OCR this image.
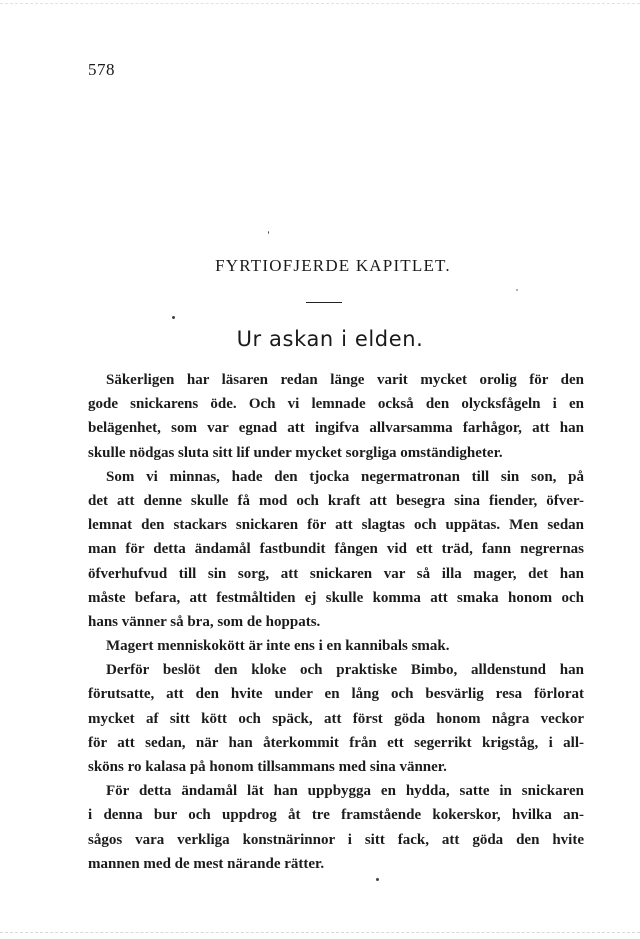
578
FYRTIOFJERDE KAPITLET.
Ur askan i elden.
Säkerligen har läsaren redan länge varit mycket orolig för den
gode snickarens öde. Och vi lemnade också den olycksfågeln i en
belägenhet, som var egnad att ingifva allvarsamma farhågor, att han
skulle nödgas sluta sitt lif under mycket sorgliga omständigheter.
Som vi minnas, hade den tjocka negermatronan till sin son, på
det att denne skulle få mod och kraft att besegra sina fiender, öfver-
lemnat den stackars snickaren för att slagtas och uppätas. Men sedan
man för detta ändamål fastbundit fången vid ett träd, fann negrernas
öfverhufvud till sin sorg, att snickaren var så illa mager, det han
måste befara, att festmåltiden ej skulle komma att smaka honom och
hans vänner så bra, som de hoppats.
Magert menniskokött är inte ens i en kannibals smak.
Derför beslöt den kloke och praktiske Bimbo, alldenstund han
förutsatte, att den hvite under en lång och besvärlig resa förlorat
mycket af sitt kött och späck, att först göda honom några veckor
för att sedan, när han återkommit från ett segerrikt krigståg, i all-
sköns ro kalasa på honom tillsammans med sina vänner.
För detta ändamål lät han uppbygga en hydda, satte in snickaren
i denna bur och uppdrog åt tre framstående kokerskor, hvilka an-
sågos vara verkliga konstnärinnor i sitt fack, att göda den hvite
mannen med de mest närande rätter.
